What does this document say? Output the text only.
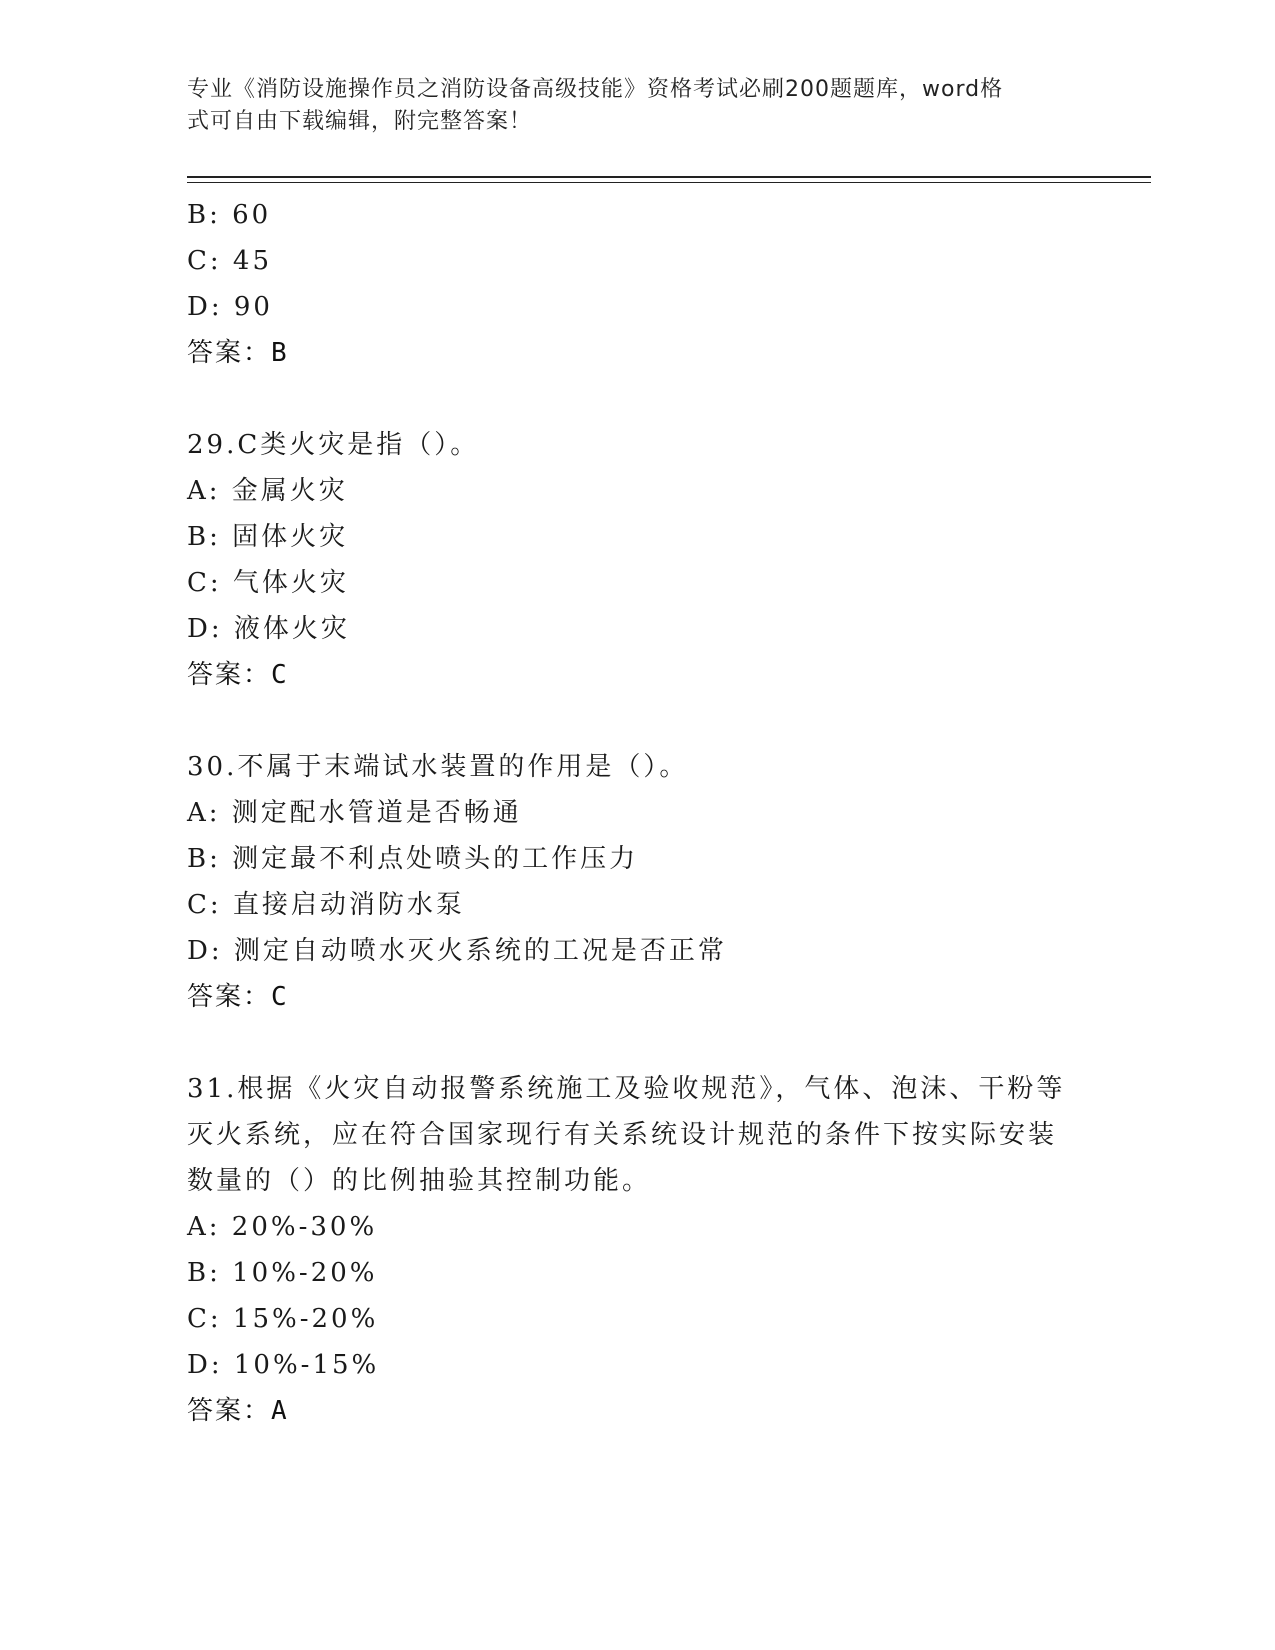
专业《消防设施操作员之消防设备高级技能》资格考试必刷200题题库，word格
式可自由下载编辑，附完整答案！
B: 60
C: 45
D: 90
答案：B
29.C类火灾是指（）。
A: 金属火灾
B: 固体火灾
C: 气体火灾
D: 液体火灾
答案：C
30.不属于末端试水装置的作用是（）。
A: 测定配水管道是否畅通
B: 测定最不利点处喷头的工作压力
C: 直接启动消防水泵
D: 测定自动喷水灭火系统的工况是否正常
答案：C
31.根据《火灾自动报警系统施工及验收规范》，气体、泡沫、干粉等
灭火系统，应在符合国家现行有关系统设计规范的条件下按实际安装
数量的（）的比例抽验其控制功能。
A: 20%-30%
B: 10%-20%
C: 15%-20%
D: 10%-15%
答案：A
